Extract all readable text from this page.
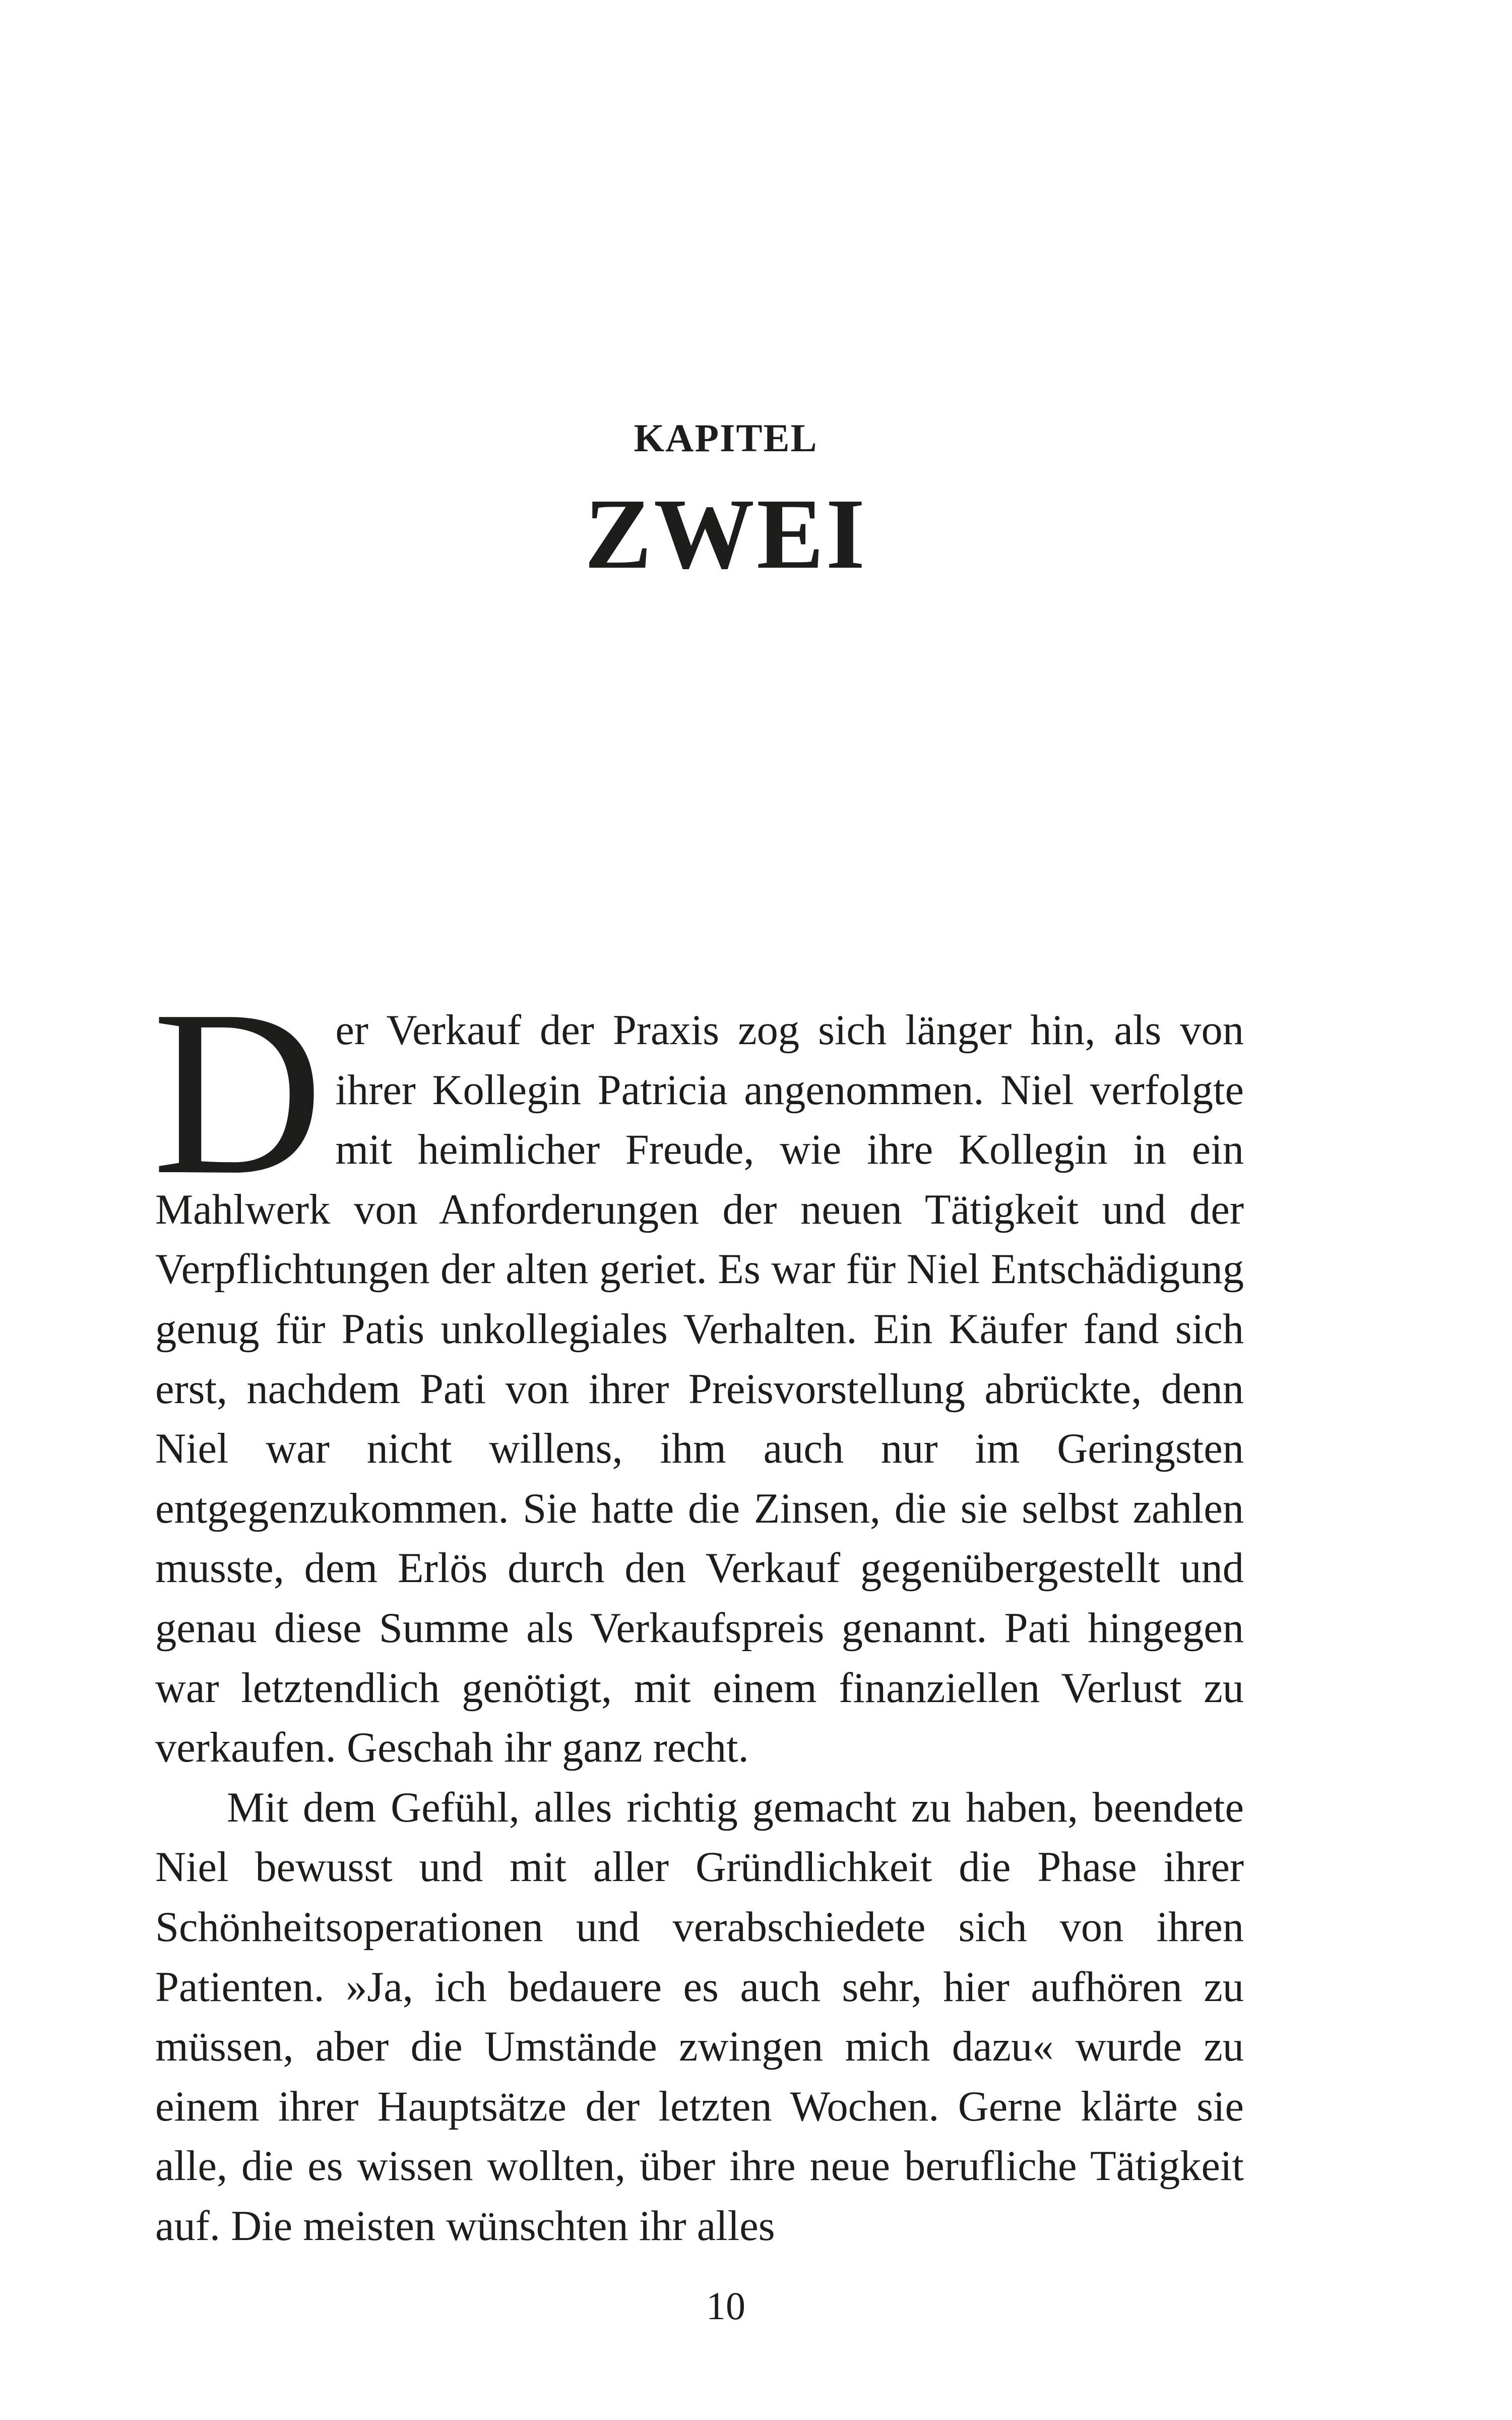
KAPITEL
ZWEI

Der Verkauf der Praxis zog sich länger hin, als von ihrer Kollegin Patricia angenommen. Niel verfolgte mit heimlicher Freude, wie ihre Kollegin in ein Mahlwerk von Anforderungen der neuen Tätigkeit und der Verpflichtungen der alten geriet. Es war für Niel Entschädigung genug für Patis unkollegiales Verhalten. Ein Käufer fand sich erst, nachdem Pati von ihrer Preisvorstellung abrückte, denn Niel war nicht willens, ihm auch nur im Geringsten entgegenzukommen. Sie hatte die Zinsen, die sie selbst zahlen musste, dem Erlös durch den Verkauf gegenübergestellt und genau diese Summe als Verkaufspreis genannt. Pati hingegen war letztendlich genötigt, mit einem finanziellen Verlust zu verkaufen. Geschah ihr ganz recht.

Mit dem Gefühl, alles richtig gemacht zu haben, beendete Niel bewusst und mit aller Gründlichkeit die Phase ihrer Schönheitsoperationen und verabschiedete sich von ihren Patienten. »Ja, ich bedauere es auch sehr, hier aufhören zu müssen, aber die Umstände zwingen mich dazu« wurde zu einem ihrer Hauptsätze der letzten Wochen. Gerne klärte sie alle, die es wissen wollten, über ihre neue berufliche Tätigkeit auf. Die meisten wünschten ihr alles

10
